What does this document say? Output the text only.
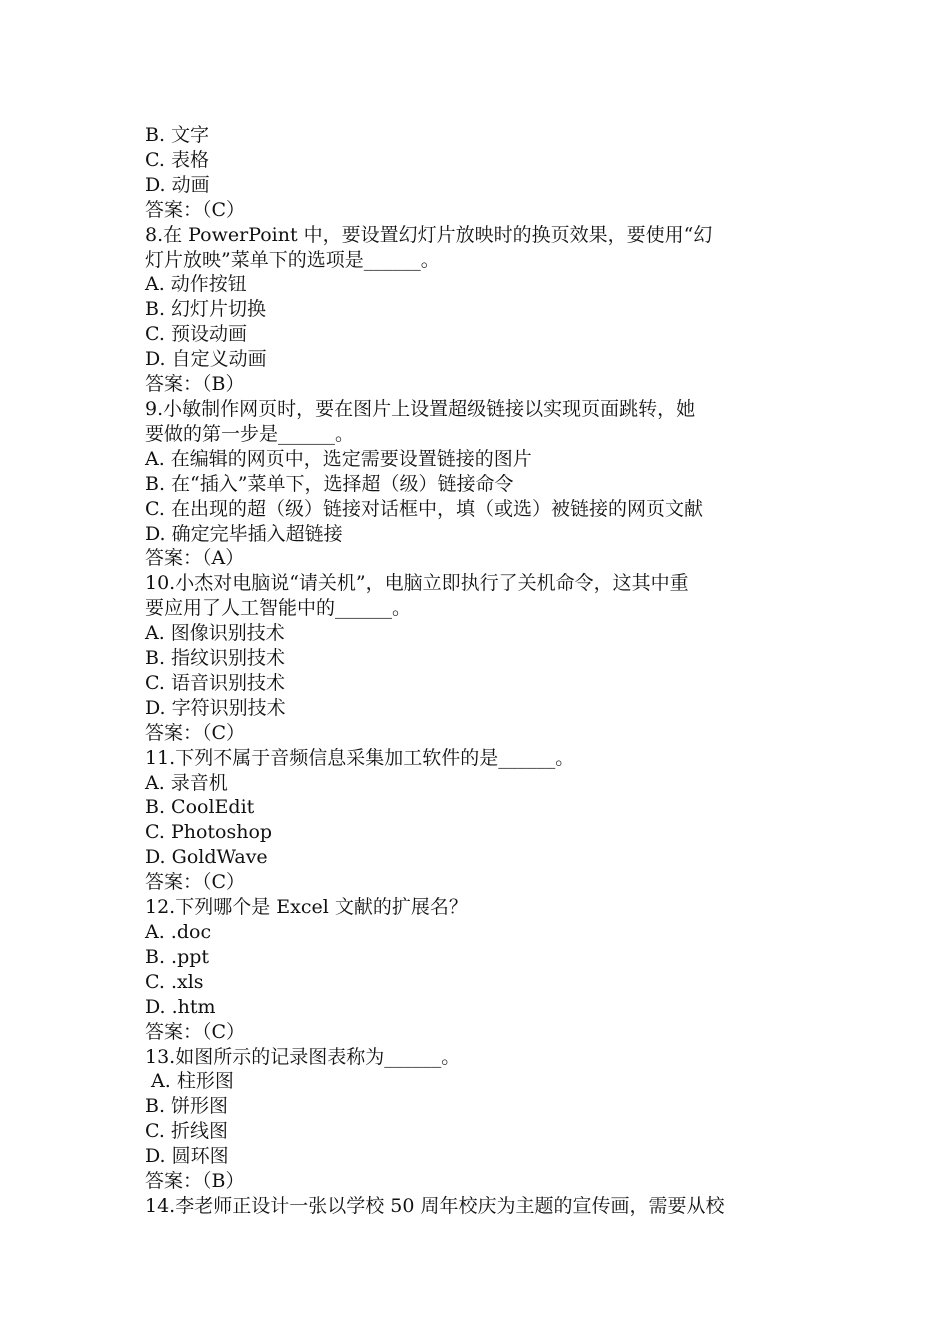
B. 文字
C. 表格
D. 动画
答案：（C）
8.在 PowerPoint 中，要设置幻灯片放映时的换页效果，要使用“幻
灯片放映”菜单下的选项是______。
A. 动作按钮
B. 幻灯片切换
C. 预设动画
D. 自定义动画
答案：（B）
9.小敏制作网页时，要在图片上设置超级链接以实现页面跳转，她
要做的第一步是______。
A. 在编辑的网页中，选定需要设置链接的图片
B. 在“插入”菜单下，选择超（级）链接命令
C. 在出现的超（级）链接对话框中，填（或选）被链接的网页文献
D. 确定完毕插入超链接
答案：（A）
10.小杰对电脑说“请关机”，电脑立即执行了关机命令，这其中重
要应用了人工智能中的______。
A. 图像识别技术
B. 指纹识别技术
C. 语音识别技术
D. 字符识别技术
答案：（C）
11.下列不属于音频信息采集加工软件的是______。
A. 录音机
B. CoolEdit
C. Photoshop
D. GoldWave
答案：（C）
12.下列哪个是 Excel 文献的扩展名？
A. .doc
B. .ppt
C. .xls
D. .htm
答案：（C）
13.如图所示的记录图表称为______。
A. 柱形图
B. 饼形图
C. 折线图
D. 圆环图
答案：（B）
14.李老师正设计一张以学校 50 周年校庆为主题的宣传画，需要从校
